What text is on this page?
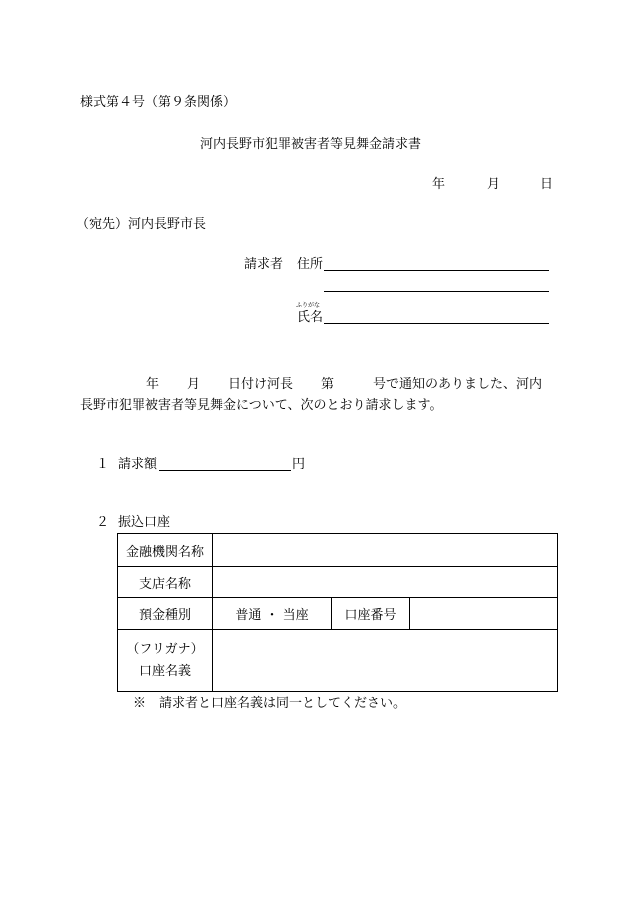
様式第４号（第９条関係）
河内長野市犯罪被害者等見舞金請求書
年	月	日
（宛先）河内長野市長
請求者 住所
ふりがな
氏名
年 月 日付け河長 第	号で通知のありました、河内
長野市犯罪被害者等見舞金について、次のとおり請求します。
１ 請求額	円
２ 振込口座
金融機関名称			
支店名称			
預金種別	普通 ・ 当座	口座番号	

（フリガナ）
口座名義			

※　請求者と口座名義は同一としてください。
